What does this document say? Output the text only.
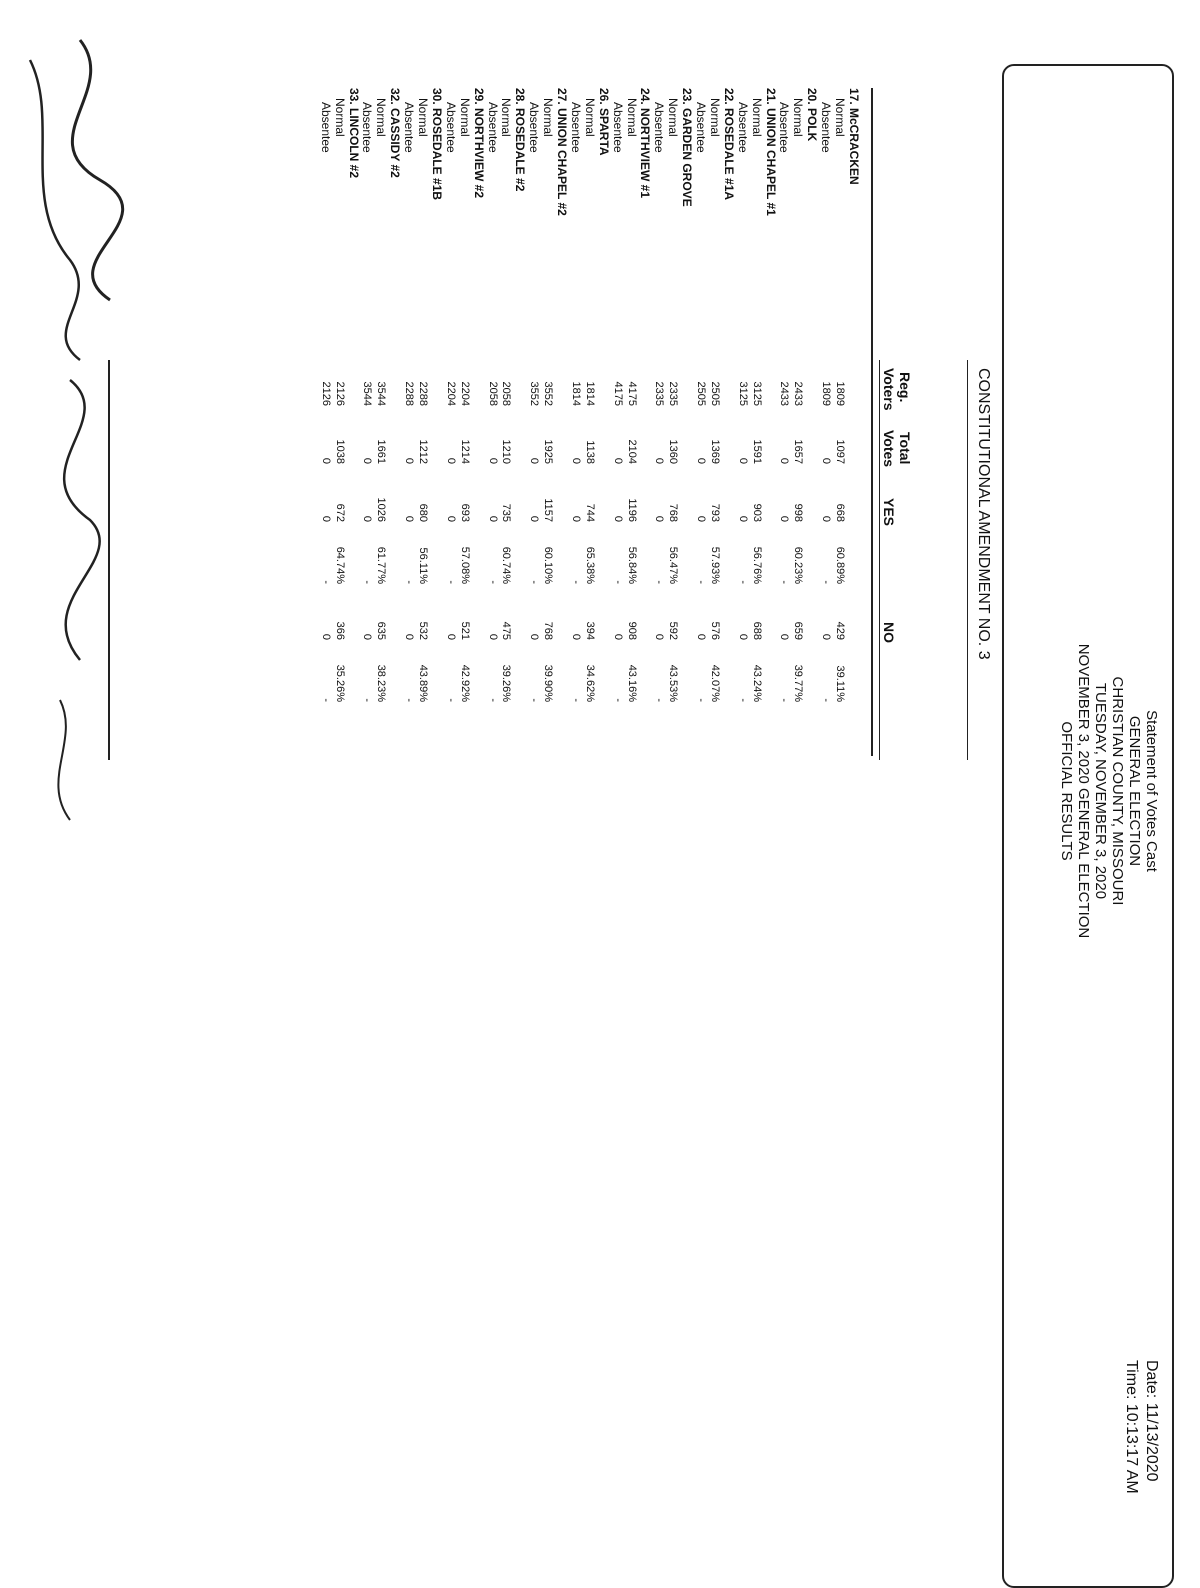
Statement of Votes Cast
GENERAL ELECTION
CHRISTIAN COUNTY, MISSOURI
TUESDAY, NOVEMBER 3, 2020
NOVEMBER 3, 2020 GENERAL ELECTION
OFFICIAL RESULTS
Date: 11/13/2020
Time: 10:13:17 AM
CONSTITUTIONAL AMENDMENT NO. 3
Reg.
Voters
Total
Votes
YES
NO
17. McCRACKEN
Normal
1809
1097
668
60.89%
429
39.11%
Absentee
1809
0
0
-
0
-
20. POLK
Normal
2433
1657
998
60.23%
659
39.77%
Absentee
2433
0
0
-
0
-
21. UNION CHAPEL #1
Normal
3125
1591
903
56.76%
688
43.24%
Absentee
3125
0
0
-
0
-
22. ROSEDALE #1A
Normal
2505
1369
793
57.93%
576
42.07%
Absentee
2505
0
0
-
0
-
23. GARDEN GROVE
Normal
2335
1360
768
56.47%
592
43.53%
Absentee
2335
0
0
-
0
-
24. NORTHVIEW #1
Normal
4175
2104
1196
56.84%
908
43.16%
Absentee
4175
0
0
-
0
-
26. SPARTA
Normal
1814
1138
744
65.38%
394
34.62%
Absentee
1814
0
0
-
0
-
27. UNION CHAPEL #2
Normal
3552
1925
1157
60.10%
768
39.90%
Absentee
3552
0
0
-
0
-
28. ROSEDALE #2
Normal
2058
1210
735
60.74%
475
39.26%
Absentee
2058
0
0
-
0
-
29. NORTHVIEW #2
Normal
2204
1214
693
57.08%
521
42.92%
Absentee
2204
0
0
-
0
-
30. ROSEDALE #1B
Normal
2288
1212
680
56.11%
532
43.89%
Absentee
2288
0
0
-
0
-
32. CASSIDY #2
Normal
3544
1661
1026
61.77%
635
38.23%
Absentee
3544
0
0
-
0
-
33. LINCOLN #2
Normal
2126
1038
672
64.74%
366
35.26%
Absentee
2126
0
0
-
0
-
